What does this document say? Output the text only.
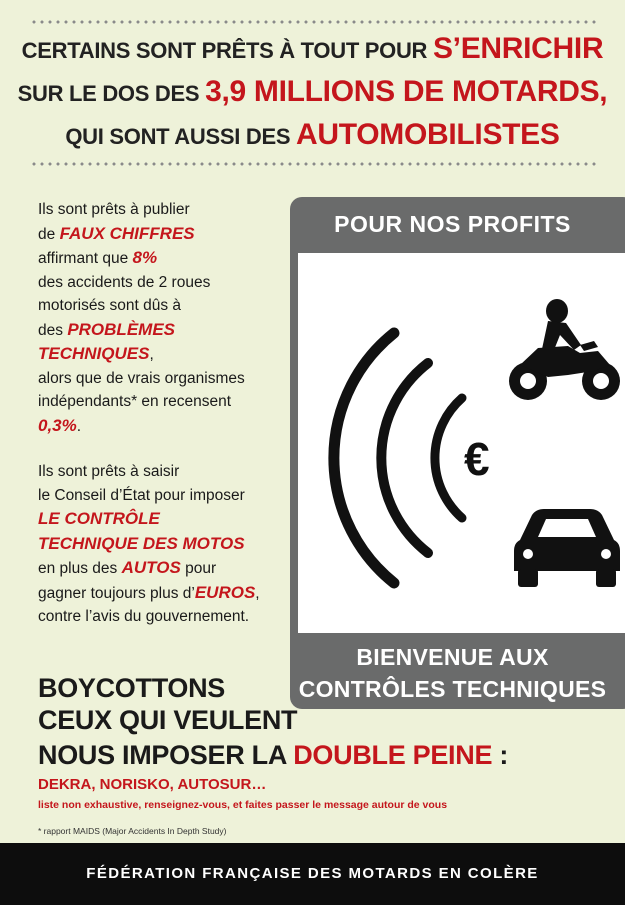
CERTAINS SONT PRÊTS À TOUT POUR S’ENRICHIR
SUR LE DOS DES 3,9 MILLIONS DE MOTARDS,
QUI SONT AUSSI DES AUTOMOBILISTES

Ils sont prêts à publier
de FAUX CHIFFRES
affirmant que 8%
des accidents de 2 roues
motorisés sont dûs à
des PROBLÈMES
TECHNIQUES,
alors que de vrais organismes
indépendants* en recensent
0,3%.

Ils sont prêts à saisir
le Conseil d’État pour imposer
LE CONTRÔLE
TECHNIQUE DES MOTOS
en plus des AUTOS pour
gagner toujours plus d’EUROS,
contre l’avis du gouvernement.

POUR NOS PROFITS
BIENVENUE AUX
CONTRÔLES TECHNIQUES
€
BOYCOTTONS
CEUX QUI VEULENT
NOUS IMPOSER LA DOUBLE PEINE :
DEKRA, NORISKO, AUTOSUR…
liste non exhaustive, renseignez-vous, et faites passer le message autour de vous
* rapport MAIDS (Major Accidents In Depth Study)
FÉDÉRATION FRANÇAISE DES MOTARDS EN COLÈRE
